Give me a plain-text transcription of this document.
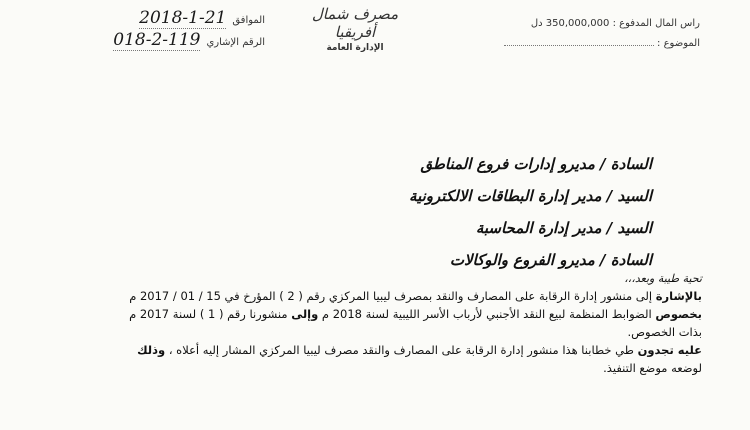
راس المال المدفوع : 350,000,000 دل
الموضوع :
مصرف شمال أفريقيا
الإدارة العامة
الموافق
2018-1-21
الرقم الإشاري
018-2-119
السادة / مديرو إدارات فروع المناطق
السيد / مدير إدارة البطاقات الالكترونية
السيد / مدير إدارة المحاسبة
السادة / مديرو الفروع والوكالات
تحية طيبة وبعد،،،
بالإشارة إلى منشور إدارة الرقابة على المصارف والنقد بمصرف ليبيا المركزي رقم ( 2 ) المؤرخ في 15 / 01 / 2017 م
بخصوص الضوابط المنظمة لبيع النقد الأجنبي لأرباب الأسر الليبية لسنة 2018 م وإلى منشورنا رقم ( 1 ) لسنة 2017 م
بذات الخصوص.
عليه تجدون طي خطابنا هذا منشور إدارة الرقابة على المصارف والنقد مصرف ليبيا المركزي المشار إليه أعلاه ، وذلك
لوضعه موضع التنفيذ.
